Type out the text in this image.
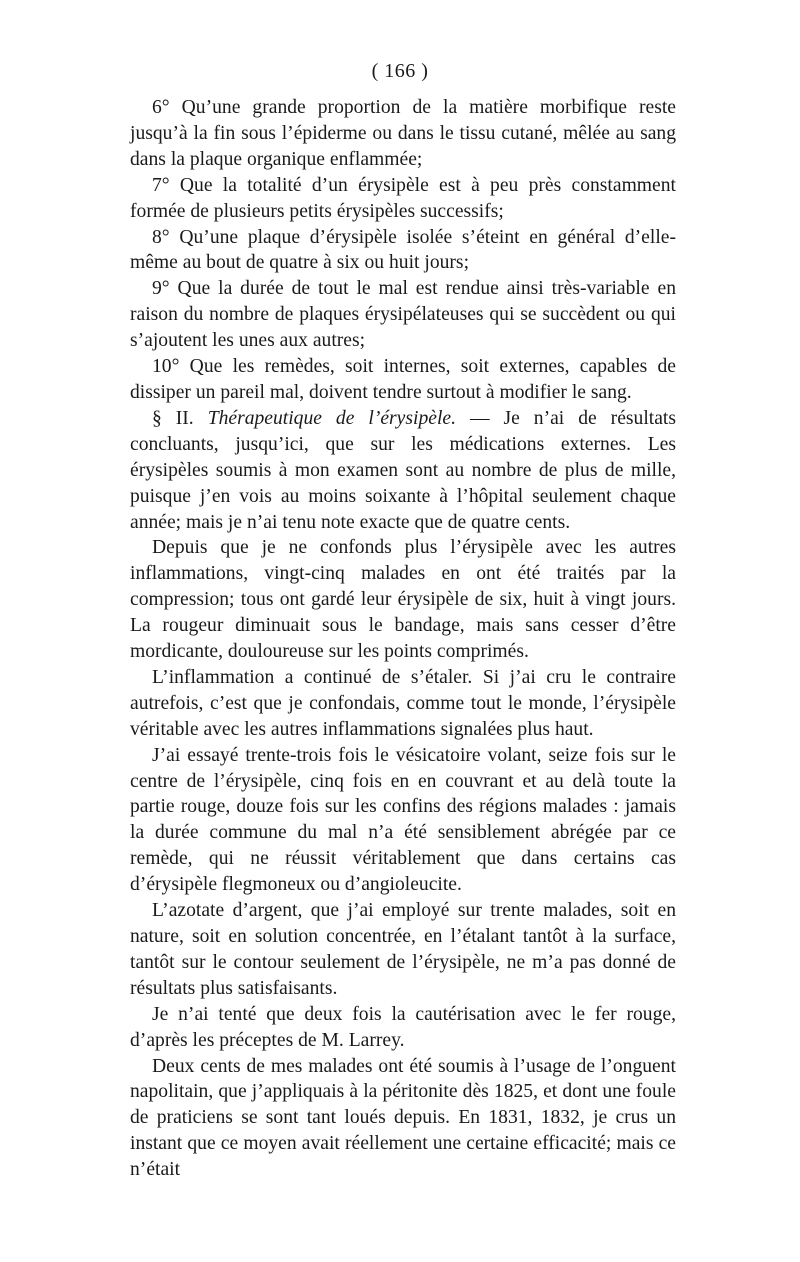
( 166 )

6° Qu’une grande proportion de la matière morbifique reste jusqu’à la fin sous l’épiderme ou dans le tissu cutané, mêlée au sang dans la plaque organique enflammée;

7° Que la totalité d’un érysipèle est à peu près constamment formée de plusieurs petits érysipèles successifs;

8° Qu’une plaque d’érysipèle isolée s’éteint en général d’elle-même au bout de quatre à six ou huit jours;

9° Que la durée de tout le mal est rendue ainsi très-variable en raison du nombre de plaques érysipélateuses qui se succèdent ou qui s’ajoutent les unes aux autres;

10° Que les remèdes, soit internes, soit externes, capables de dissiper un pareil mal, doivent tendre surtout à modifier le sang.

§ II. Thérapeutique de l’érysipèle. — Je n’ai de résultats concluants, jusqu’ici, que sur les médications externes. Les érysipèles soumis à mon examen sont au nombre de plus de mille, puisque j’en vois au moins soixante à l’hôpital seulement chaque année; mais je n’ai tenu note exacte que de quatre cents.

Depuis que je ne confonds plus l’érysipèle avec les autres inflammations, vingt-cinq malades en ont été traités par la compression; tous ont gardé leur érysipèle de six, huit à vingt jours. La rougeur diminuait sous le bandage, mais sans cesser d’être mordicante, douloureuse sur les points comprimés.

L’inflammation a continué de s’étaler. Si j’ai cru le contraire autrefois, c’est que je confondais, comme tout le monde, l’érysipèle véritable avec les autres inflammations signalées plus haut.

J’ai essayé trente-trois fois le vésicatoire volant, seize fois sur le centre de l’érysipèle, cinq fois en en couvrant et au delà toute la partie rouge, douze fois sur les confins des régions malades : jamais la durée commune du mal n’a été sensiblement abrégée par ce remède, qui ne réussit véritablement que dans certains cas d’érysipèle flegmoneux ou d’angioleucite.

L’azotate d’argent, que j’ai employé sur trente malades, soit en nature, soit en solution concentrée, en l’étalant tantôt à la surface, tantôt sur le contour seulement de l’érysipèle, ne m’a pas donné de résultats plus satisfaisants.

Je n’ai tenté que deux fois la cautérisation avec le fer rouge, d’après les préceptes de M. Larrey.

Deux cents de mes malades ont été soumis à l’usage de l’onguent napolitain, que j’appliquais à la péritonite dès 1825, et dont une foule de praticiens se sont tant loués depuis. En 1831, 1832, je crus un instant que ce moyen avait réellement une certaine efficacité; mais ce n’était
